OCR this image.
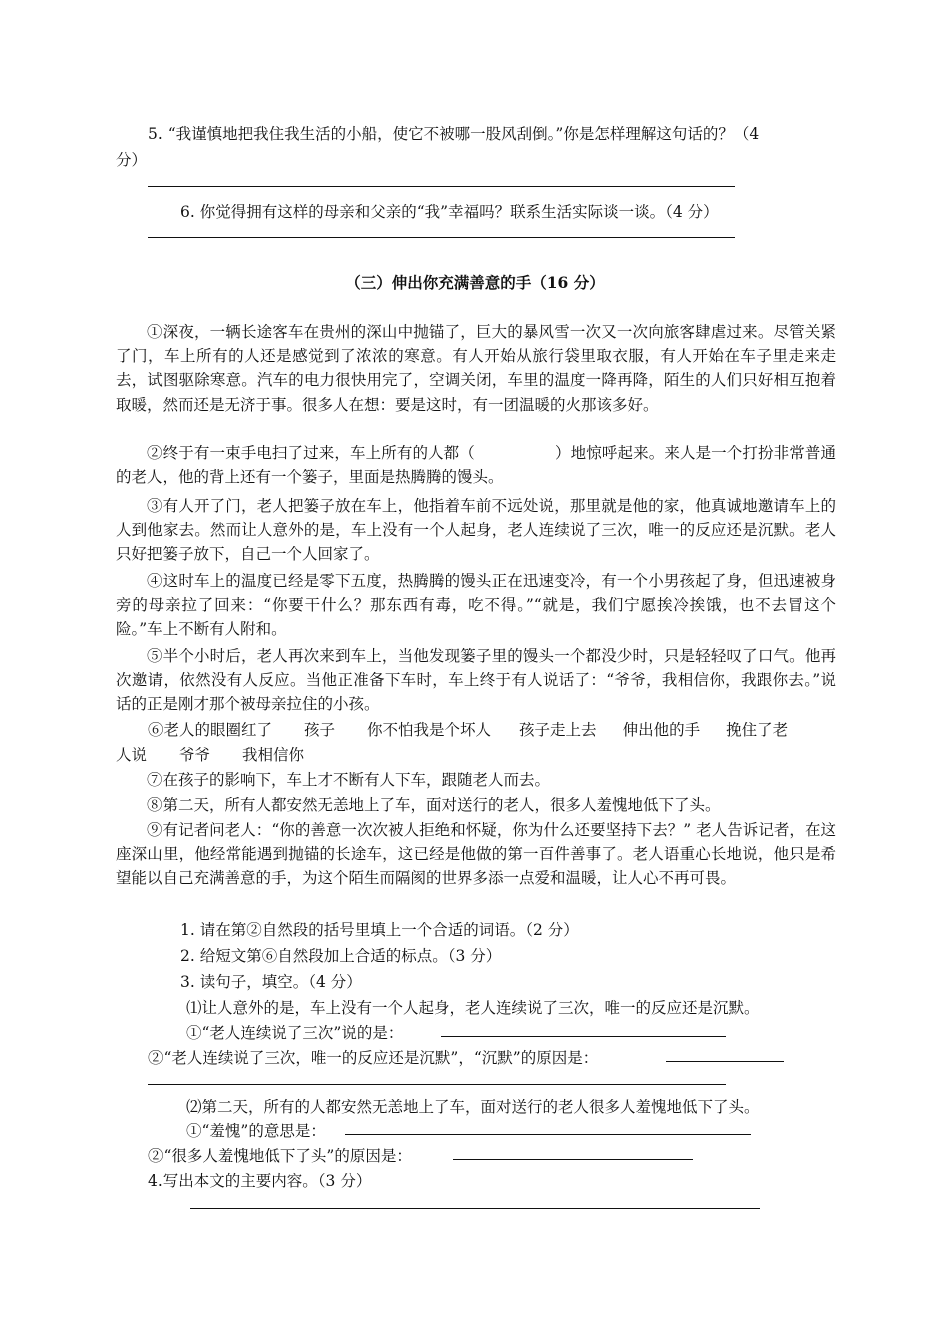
5. “我谨慎地把我住我生活的小船，使它不被哪一股风刮倒。”你是怎样理解这句话的？（4
分）
6. 你觉得拥有这样的母亲和父亲的“我”幸福吗？联系生活实际谈一谈。（4 分）
（三）伸出你充满善意的手（16 分）
①深夜，一辆长途客车在贵州的深山中抛锚了，巨大的暴风雪一次又一次向旅客肆虐过来。尽管关紧了门，车上所有的人还是感觉到了浓浓的寒意。有人开始从旅行袋里取衣服，有人开始在车子里走来走去，试图驱除寒意。汽车的电力很快用完了，空调关闭，车里的温度一降再降，陌生的人们只好相互抱着取暖，然而还是无济于事。很多人在想：要是这时，有一团温暖的火那该多好。
②终于有一束手电扫了过来，车上所有的人都（	）地惊呼起来。来人是一个打扮非常普通的老人，他的背上还有一个篓子，里面是热腾腾的馒头。
③有人开了门，老人把篓子放在车上，他指着车前不远处说，那里就是他的家，他真诚地邀请车上的人到他家去。然而让人意外的是，车上没有一个人起身，老人连续说了三次，唯一的反应还是沉默。老人只好把篓子放下，自己一个人回家了。
④这时车上的温度已经是零下五度，热腾腾的馒头正在迅速变冷，有一个小男孩起了身，但迅速被身旁的母亲拉了回来：“你要干什么？那东西有毒，吃不得。”“就是，我们宁愿挨冷挨饿，也不去冒这个险。”车上不断有人附和。
⑤半个小时后，老人再次来到车上，当他发现篓子里的馒头一个都没少时，只是轻轻叹了口气。他再次邀请，依然没有人反应。当他正准备下车时，车上终于有人说话了：“爷爷，我相信你，我跟你去。”说话的正是刚才那个被母亲拉住的小孩。
⑥老人的眼圈红了 孩子 你不怕我是个坏人 孩子走上去 伸出他的手 挽住了老
人说 爷爷 我相信你
⑦在孩子的影响下，车上才不断有人下车，跟随老人而去。
⑧第二天，所有人都安然无恙地上了车，面对送行的老人，很多人羞愧地低下了头。
⑨有记者问老人：“你的善意一次次被人拒绝和怀疑，你为什么还要坚持下去？” 老人告诉记者，在这座深山里，他经常能遇到抛锚的长途车，这已经是他做的第一百件善事了。老人语重心长地说，他只是希望能以自己充满善意的手，为这个陌生而隔阂的世界多添一点爱和温暖，让人心不再可畏。
1. 请在第②自然段的括号里填上一个合适的词语。（2 分）
2. 给短文第⑥自然段加上合适的标点。（3 分）
3. 读句子，填空。（4 分）
⑴让人意外的是，车上没有一个人起身，老人连续说了三次，唯一的反应还是沉默。
①“老人连续说了三次”说的是：
②“老人连续说了三次，唯一的反应还是沉默”，“沉默”的原因是：
⑵第二天，所有的人都安然无恙地上了车，面对送行的老人很多人羞愧地低下了头。
①“羞愧”的意思是：
②“很多人羞愧地低下了头”的原因是：
4.写出本文的主要内容。（3 分）
